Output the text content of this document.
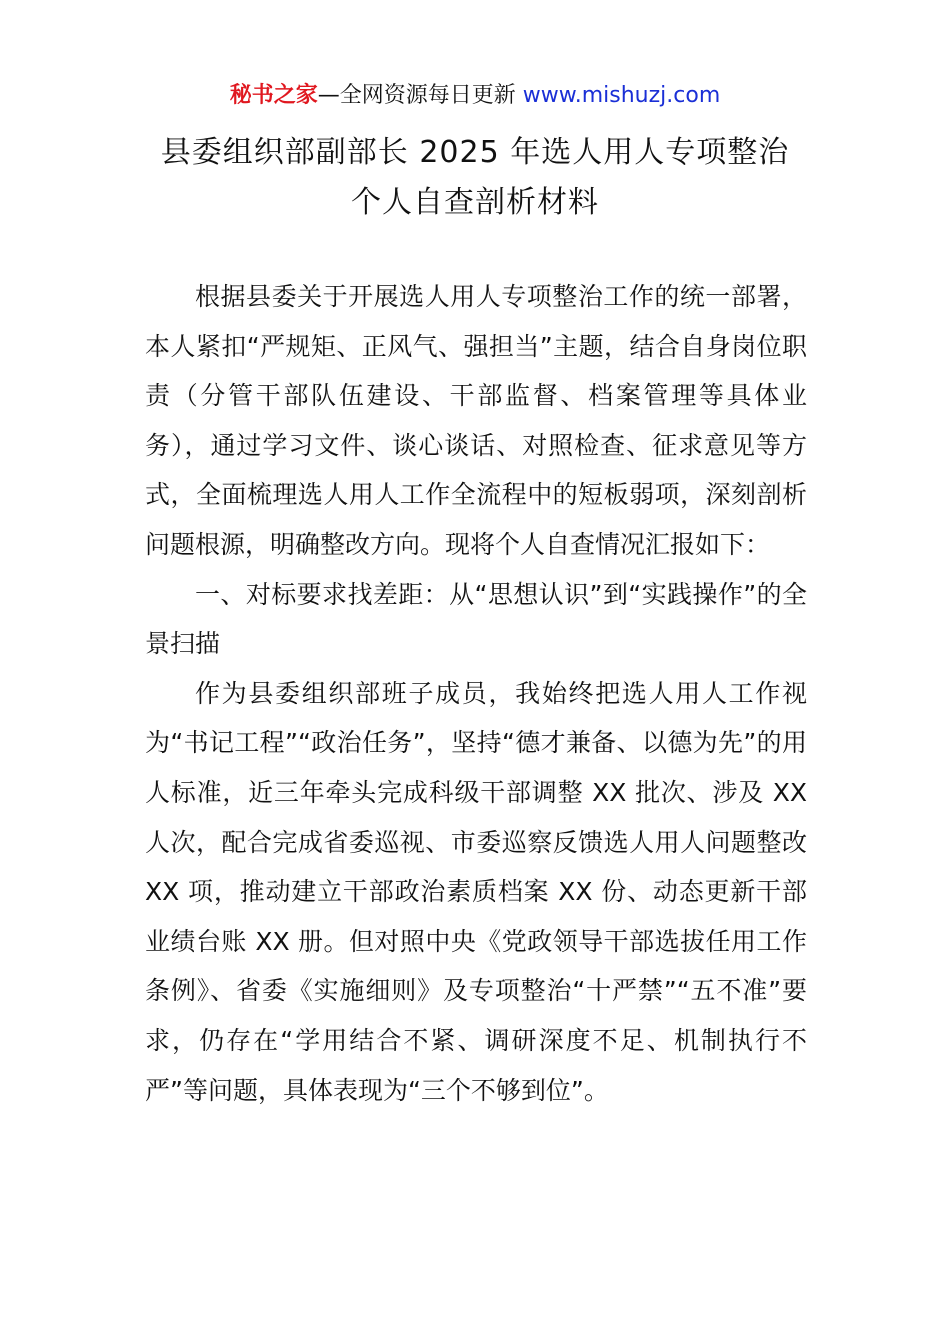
秘书之家—全网资源每日更新 www.mishuzj.com
县委组织部副部长 2025 年选人用人专项整治
个人自查剖析材料

根据县委关于开展选人用人专项整治工作的统一部署，本人紧扣“严规矩、正风气、强担当”主题，结合自身岗位职责（分管干部队伍建设、干部监督、档案管理等具体业务），通过学习文件、谈心谈话、对照检查、征求意见等方式，全面梳理选人用人工作全流程中的短板弱项，深刻剖析问题根源，明确整改方向。现将个人自查情况汇报如下：

一、对标要求找差距：从“思想认识”到“实践操作”的全景扫描

作为县委组织部班子成员，我始终把选人用人工作视为“书记工程”“政治任务”，坚持“德才兼备、以德为先”的用人标准，近三年牵头完成科级干部调整 XX 批次、涉及 XX 人次，配合完成省委巡视、市委巡察反馈选人用人问题整改 XX 项，推动建立干部政治素质档案 XX 份、动态更新干部业绩台账 XX 册。但对照中央《党政领导干部选拔任用工作条例》、省委《实施细则》及专项整治“十严禁”“五不准”要求，仍存在“学用结合不紧、调研深度不足、机制执行不严”等问题，具体表现为“三个不够到位”。
